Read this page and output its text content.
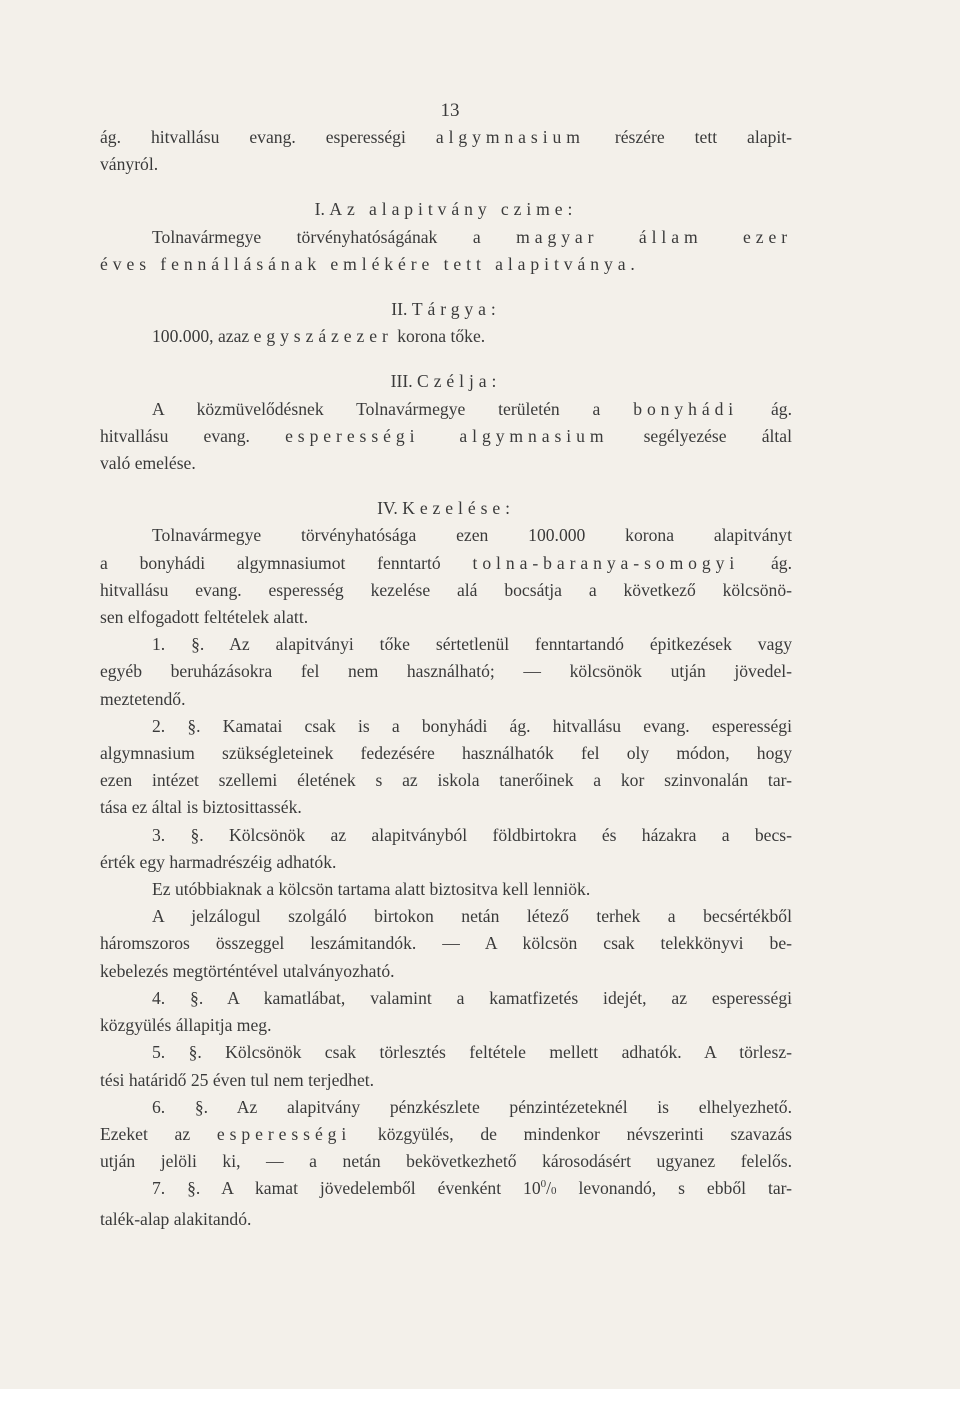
13

ág. hitvallásu evang. esperességi algymnasium részére tett alapit-

ványról.

I. Az alapitvány czime:

Tolnavármegye törvényhatóságának a magyar állam ezer

éves fennállásának emlékére tett alapitványa.

II. Tárgya:

100.000, azaz egyszázezer korona tőke.

III. Czélja:

A közmüvelődésnek Tolnavármegye területén a bonyhádi ág.

hitvallásu evang. esperességi algymnasium segélyezése által

való emelése.

IV. Kezelése:

Tolnavármegye törvényhatósága ezen 100.000 korona alapitványt

a bonyhádi algymnasiumot fenntartó tolna-baranya-somogyi ág.

hitvallásu evang. esperesség kezelése alá bocsátja a következő kölcsönö-

sen elfogadott feltételek alatt.

1. §. Az alapitványi tőke sértetlenül fenntartandó épitkezések vagy

egyéb beruházásokra fel nem használható; — kölcsönök utján jövedel-

meztetendő.

2. §. Kamatai csak is a bonyhádi ág. hitvallásu evang. esperességi

algymnasium szükségleteinek fedezésére használhatók fel oly módon, hogy

ezen intézet szellemi életének s az iskola tanerőinek a kor szinvonalán tar-

tása ez által is biztosittassék.

3. §. Kölcsönök az alapitványból földbirtokra és házakra a becs-

érték egy harmadrészéig adhatók.

Ez utóbbiaknak a kölcsön tartama alatt biztositva kell lenniök.

A jelzálogul szolgáló birtokon netán létező terhek a becsértékből

háromszoros összeggel leszámitandók. — A kölcsön csak telekkönyvi be-

kebelezés megtörténtével utalványozható.

4. §. A kamatlábat, valamint a kamatfizetés idejét, az esperességi

közgyülés állapitja meg.

5. §. Kölcsönök csak törlesztés feltétele mellett adhatók. A törlesz-

tési határidő 25 éven tul nem terjedhet.

6. §. Az alapitvány pénzkészlete pénzintézeteknél is elhelyezhető.

Ezeket az esperességi közgyülés, de mindenkor névszerinti szavazás

utján jelöli ki, — a netán bekövetkezhető károsodásért ugyanez felelős.

7. §. A kamat jövedelemből évenként $10^0/0$ levonandó, s ebből tar-

talék-alap alakitandó.
